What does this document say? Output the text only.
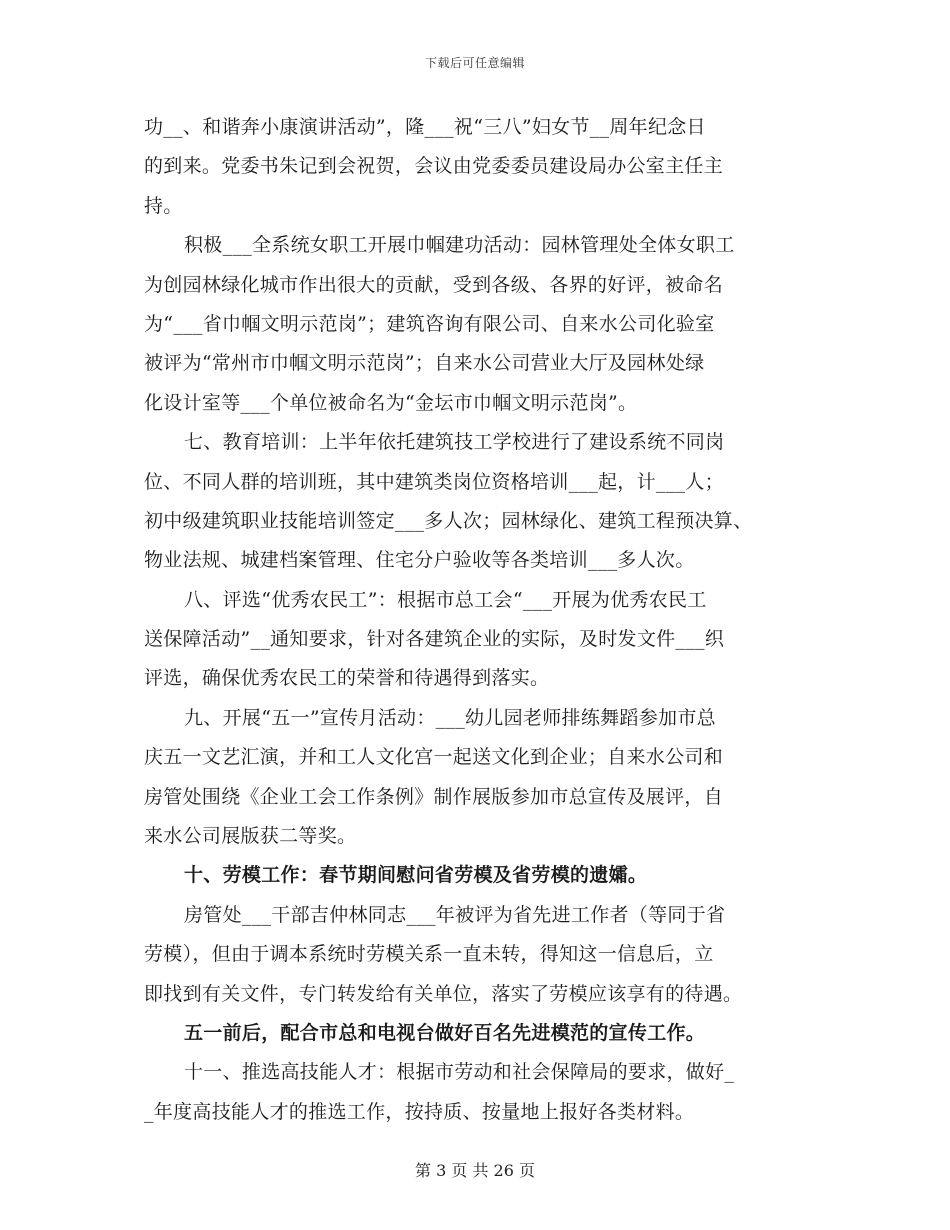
下载后可任意编辑
功__、和谐奔小康演讲活动”，隆___祝“三八”妇女节__周年纪念日
的到来。党委书朱记到会祝贺，会议由党委委员建设局办公室主任主
持。
积极___全系统女职工开展巾帼建功活动：园林管理处全体女职工
为创园林绿化城市作出很大的贡献，受到各级、各界的好评，被命名
为“___省巾帼文明示范岗”；建筑咨询有限公司、自来水公司化验室
被评为“常州市巾帼文明示范岗”；自来水公司营业大厅及园林处绿
化设计室等___个单位被命名为“金坛市巾帼文明示范岗”。
七、教育培训：上半年依托建筑技工学校进行了建设系统不同岗
位、不同人群的培训班，其中建筑类岗位资格培训___起，计___人；
初中级建筑职业技能培训签定___多人次；园林绿化、建筑工程预决算、
物业法规、城建档案管理、住宅分户验收等各类培训___多人次。
八、评选“优秀农民工”：根据市总工会“___开展为优秀农民工
送保障活动”__通知要求，针对各建筑企业的实际，及时发文件___织
评选，确保优秀农民工的荣誉和待遇得到落实。
九、开展“五一”宣传月活动：___幼儿园老师排练舞蹈参加市总
庆五一文艺汇演，并和工人文化宫一起送文化到企业；自来水公司和
房管处围绕《企业工会工作条例》制作展版参加市总宣传及展评，自
来水公司展版获二等奖。
十、劳模工作：春节期间慰问省劳模及省劳模的遗孀。
房管处___干部吉仲林同志___年被评为省先进工作者（等同于省
劳模），但由于调本系统时劳模关系一直未转，得知这一信息后，立
即找到有关文件，专门转发给有关单位，落实了劳模应该享有的待遇。
五一前后，配合市总和电视台做好百名先进模范的宣传工作。
十一、推选高技能人才：根据市劳动和社会保障局的要求，做好_
_年度高技能人才的推选工作，按持质、按量地上报好各类材料。
第 3 页 共 26 页
